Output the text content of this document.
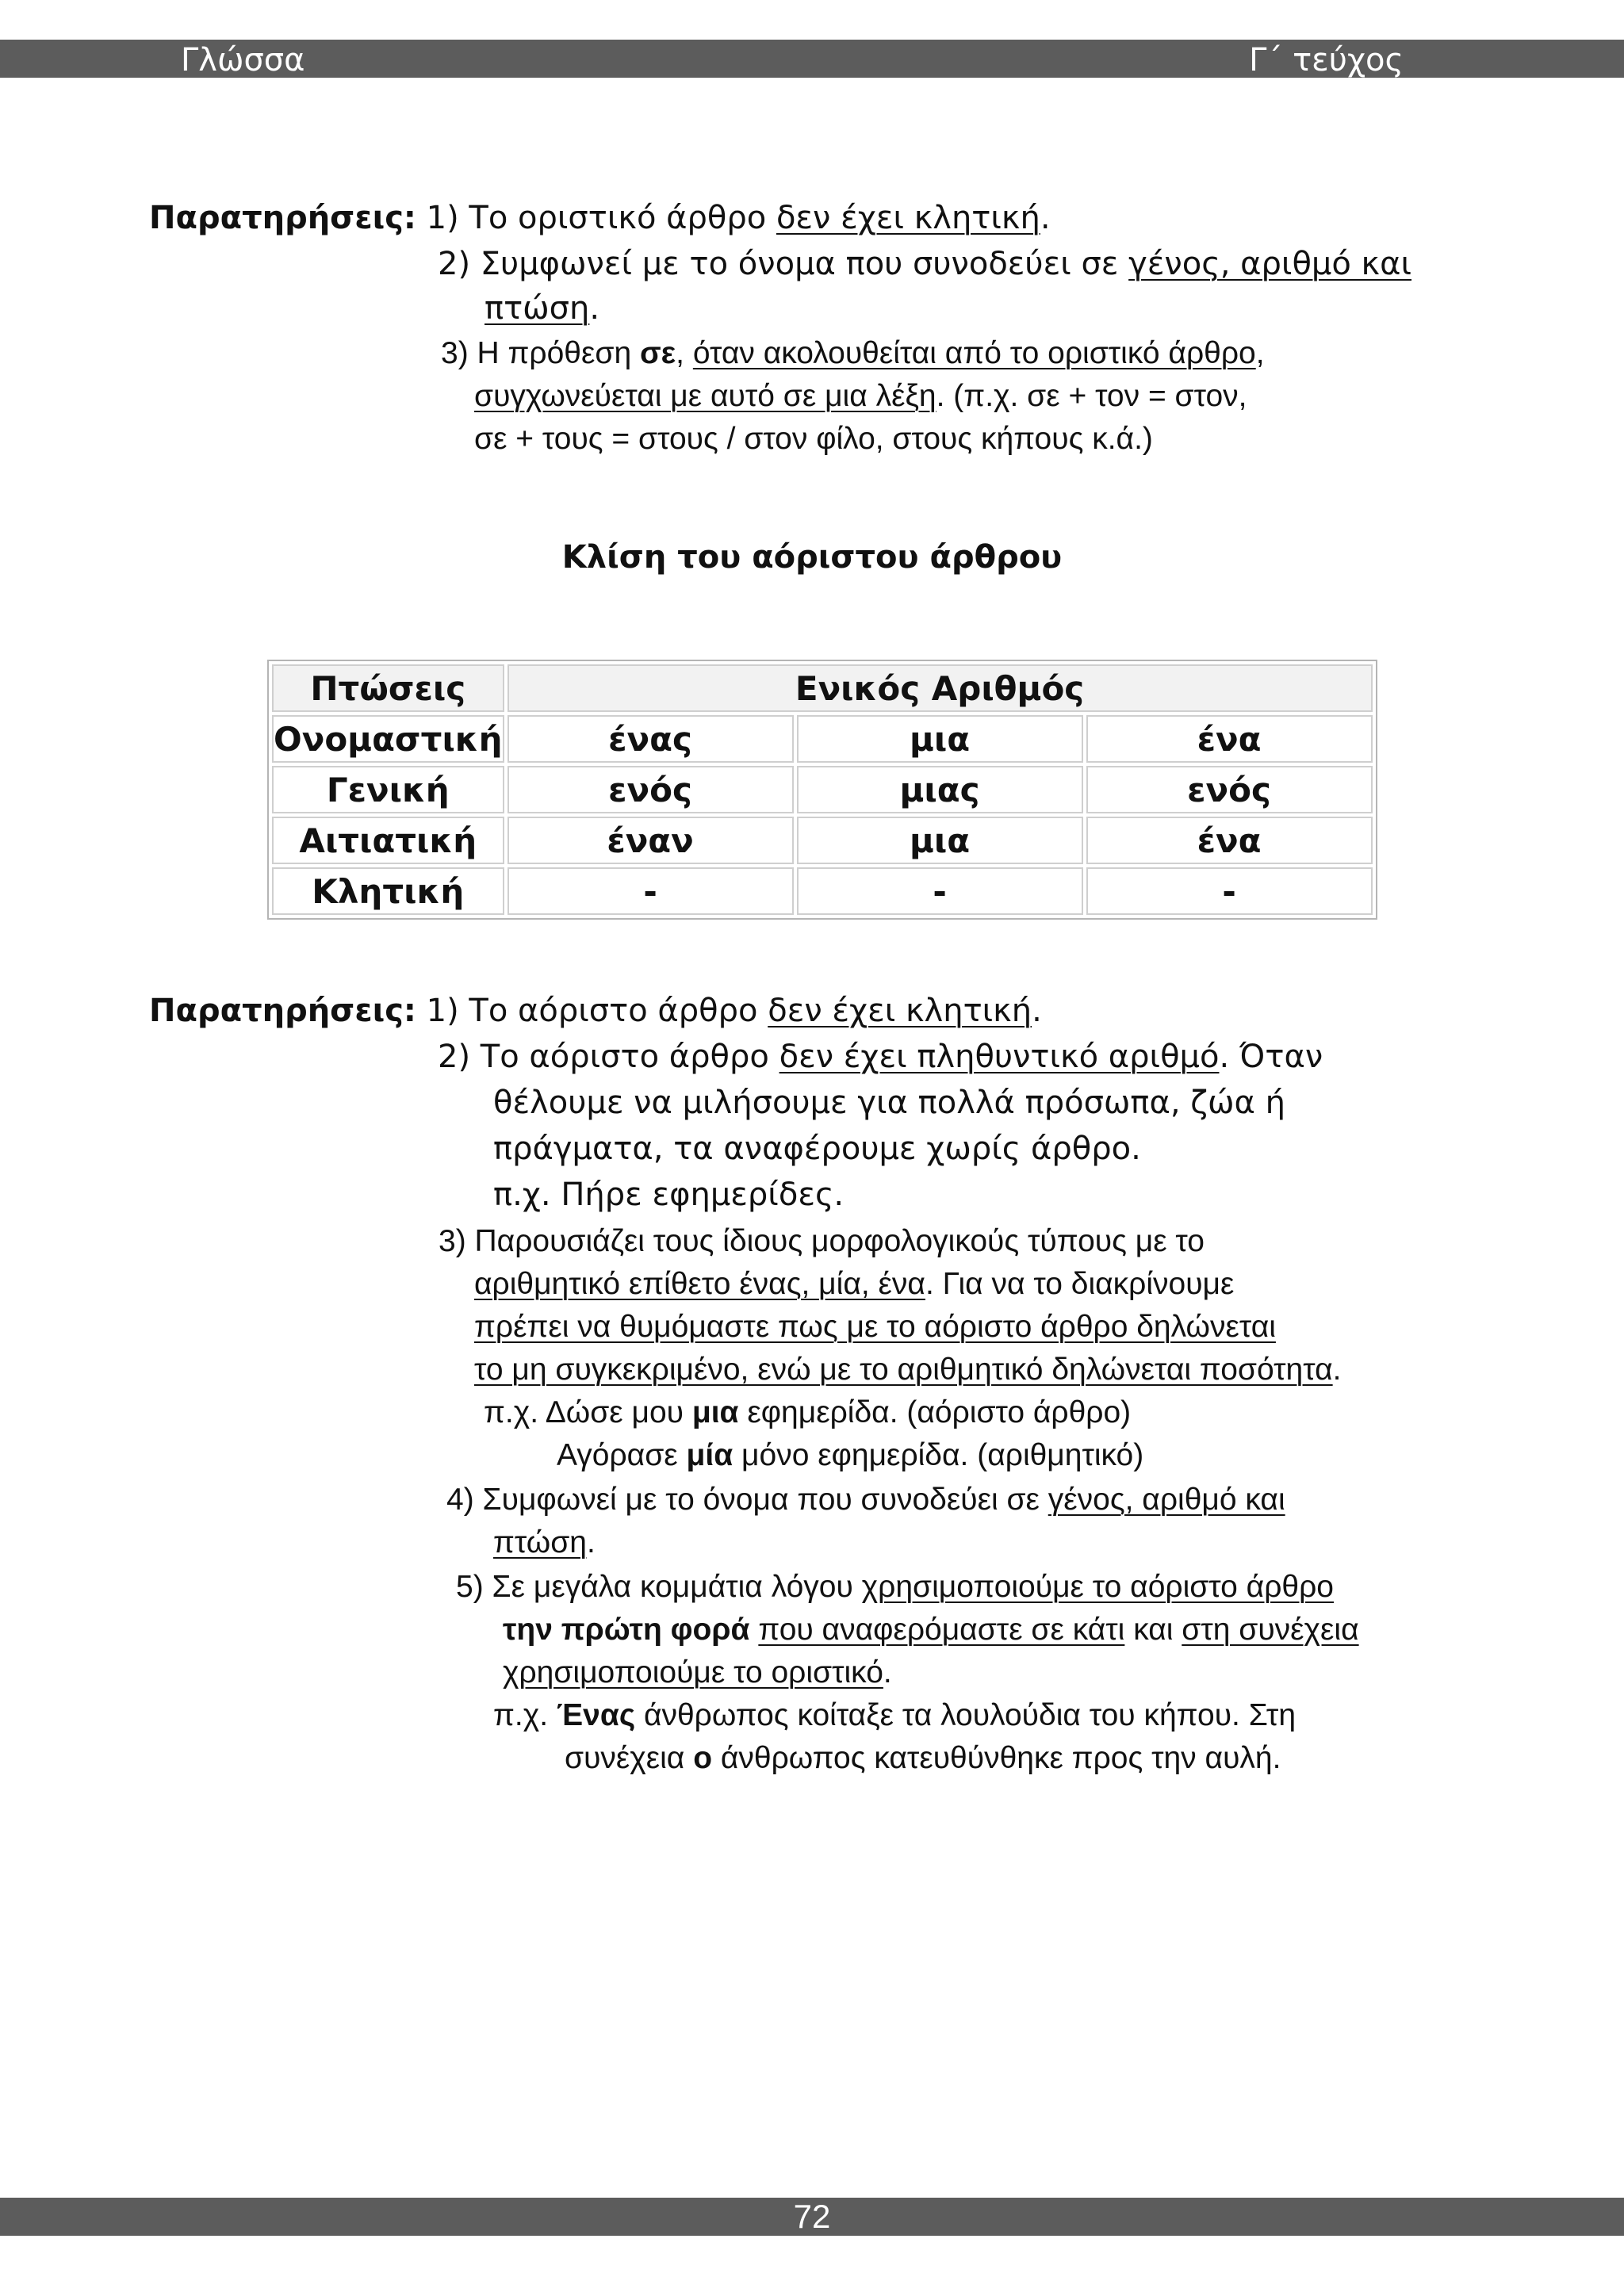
Γλώσσα	Γ΄ τεύχος
Παρατηρήσεις: 1) Το οριστικό άρθρο δεν έχει κλητική.
2) Συμφωνεί με το όνομα που συνοδεύει σε γένος, αριθμό και
πτώση.
3) Η πρόθεση σε, όταν ακολουθείται από το οριστικό άρθρο,
συγχωνεύεται με αυτό σε μια λέξη. (π.χ. σε + τον = στον,
σε + τους = στους / στον φίλο, στους κήπους κ.ά.)
Κλίση του αόριστου άρθρου
Πτώσεις	Ενικός Αριθμός		
Ονομαστική	ένας	μια	ένα
Γενική	ενός	μιας	ενός
Αιτιατική	έναν	μια	ένα
Κλητική	-	-	-
Παρατηρήσεις: 1) Το αόριστο άρθρο δεν έχει κλητική.
2) Το αόριστο άρθρο δεν έχει πληθυντικό αριθμό. Όταν
θέλουμε να μιλήσουμε για πολλά πρόσωπα, ζώα ή
πράγματα, τα αναφέρουμε χωρίς άρθρο.
π.χ. Πήρε εφημερίδες.
3) Παρουσιάζει τους ίδιους μορφολογικούς τύπους με το
αριθμητικό επίθετο ένας, μία, ένα. Για να το διακρίνουμε
πρέπει να θυμόμαστε πως με το αόριστο άρθρο δηλώνεται
το μη συγκεκριμένο, ενώ με το αριθμητικό δηλώνεται ποσότητα.
π.χ. Δώσε μου μια εφημερίδα. (αόριστο άρθρο)
Αγόρασε μία μόνο εφημερίδα. (αριθμητικό)
4) Συμφωνεί με το όνομα που συνοδεύει σε γένος, αριθμό και
πτώση.
5) Σε μεγάλα κομμάτια λόγου χρησιμοποιούμε το αόριστο άρθρο
την πρώτη φορά που αναφερόμαστε σε κάτι και στη συνέχεια
χρησιμοποιούμε το οριστικό.
π.χ. Ένας άνθρωπος κοίταξε τα λουλούδια του κήπου. Στη
συνέχεια ο άνθρωπος κατευθύνθηκε προς την αυλή.
72
